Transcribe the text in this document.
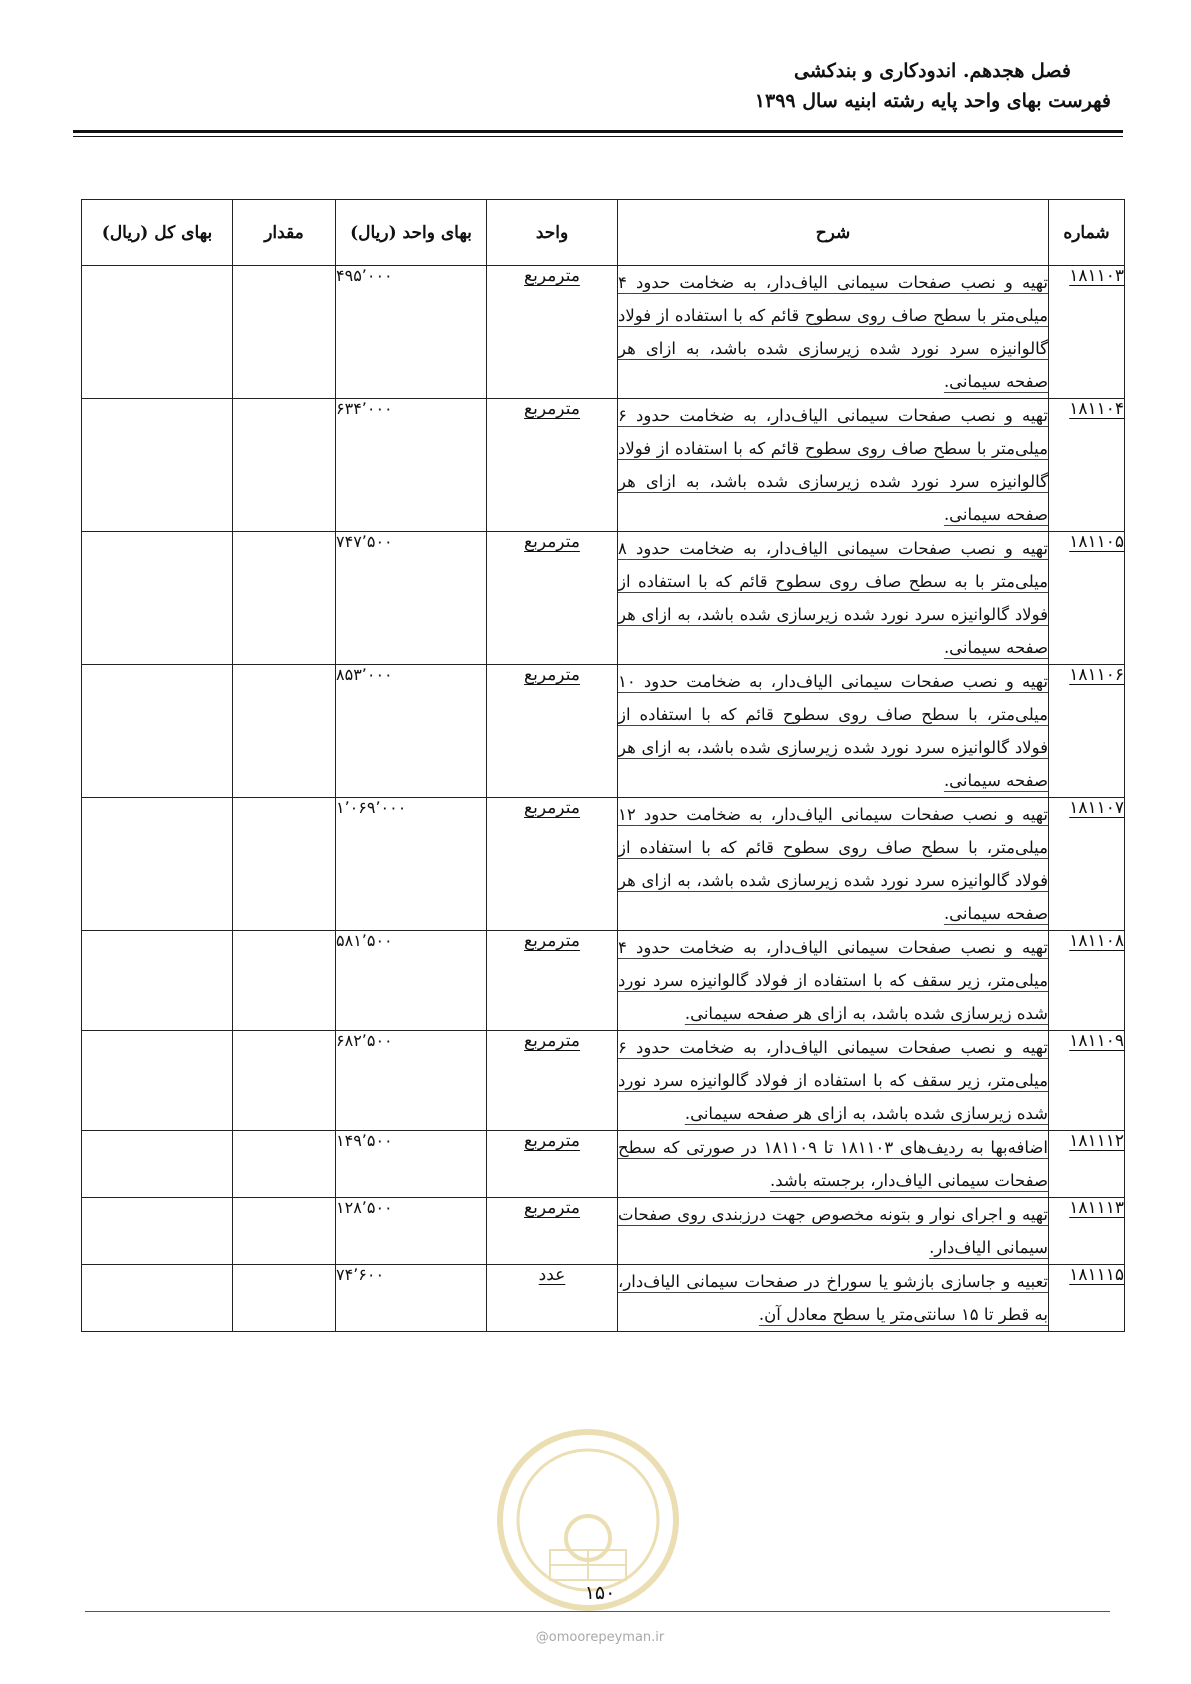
فصل هجدهم. اندودکاری و بندکشی
فهرست بهای واحد پایه رشته ابنیه سال ۱۳۹۹
شماره	شرح	واحد	بهای واحد (ریال)	مقدار	بهای کل (ریال)
۱۸۱۱۰۳	تهیه و نصب صفحات سیمانی الیاف‌دار، به ضخامت حدود ۴ میلی‌متر با سطح صاف روی سطوح قائم که با استفاده از فولاد گالوانیزه سرد نورد شده زیرسازی شده باشد، به ازای هر صفحه سیمانی.	مترمربع	۴۹۵٬۰۰۰		
۱۸۱۱۰۴	تهیه و نصب صفحات سیمانی الیاف‌دار، به ضخامت حدود ۶ میلی‌متر با سطح صاف روی سطوح قائم که با استفاده از فولاد گالوانیزه سرد نورد شده زیرسازی شده باشد، به ازای هر صفحه سیمانی.	مترمربع	۶۳۴٬۰۰۰		
۱۸۱۱۰۵	تهیه و نصب صفحات سیمانی الیاف‌دار، به ضخامت حدود ۸ میلی‌متر با به سطح صاف روی سطوح قائم که با استفاده از فولاد گالوانیزه سرد نورد شده زیرسازی شده باشد، به ازای هر صفحه سیمانی.	مترمربع	۷۴۷٬۵۰۰		
۱۸۱۱۰۶	تهیه و نصب صفحات سیمانی الیاف‌دار، به ضخامت حدود ۱۰ میلی‌متر، با سطح صاف روی سطوح قائم که با استفاده از فولاد گالوانیزه سرد نورد شده زیرسازی شده باشد، به ازای هر صفحه سیمانی.	مترمربع	۸۵۳٬۰۰۰		
۱۸۱۱۰۷	تهیه و نصب صفحات سیمانی الیاف‌دار، به ضخامت حدود ۱۲ میلی‌متر، با سطح صاف روی سطوح قائم که با استفاده از فولاد گالوانیزه سرد نورد شده زیرسازی شده باشد، به ازای هر صفحه سیمانی.	مترمربع	۱٬۰۶۹٬۰۰۰		
۱۸۱۱۰۸	تهیه و نصب صفحات سیمانی الیاف‌دار، به ضخامت حدود ۴ میلی‌متر، زیر سقف که با استفاده از فولاد گالوانیزه سرد نورد شده زیرسازی شده باشد، به ازای هر صفحه سیمانی.	مترمربع	۵۸۱٬۵۰۰		
۱۸۱۱۰۹	تهیه و نصب صفحات سیمانی الیاف‌دار، به ضخامت حدود ۶ میلی‌متر، زیر سقف که با استفاده از فولاد گالوانیزه سرد نورد شده زیرسازی شده باشد، به ازای هر صفحه سیمانی.	مترمربع	۶۸۲٬۵۰۰		
۱۸۱۱۱۲	اضافه‌بها به ردیف‌های ۱۸۱۱۰۳ تا ۱۸۱۱۰۹ در صورتی که سطح صفحات سیمانی الیاف‌دار، برجسته باشد.	مترمربع	۱۴۹٬۵۰۰		
۱۸۱۱۱۳	تهیه و اجرای نوار و بتونه مخصوص جهت درزبندی روی صفحات سیمانی الیاف‌دار.	مترمربع	۱۲۸٬۵۰۰		
۱۸۱۱۱۵	تعبیه و جاسازی بازشو یا سوراخ در صفحات سیمانی الیاف‌دار، به قطر تا ۱۵ سانتی‌متر یا سطح معادل آن.	عدد	۷۴٬۶۰۰		
۱۵۰
@omoorepeyman.ir
